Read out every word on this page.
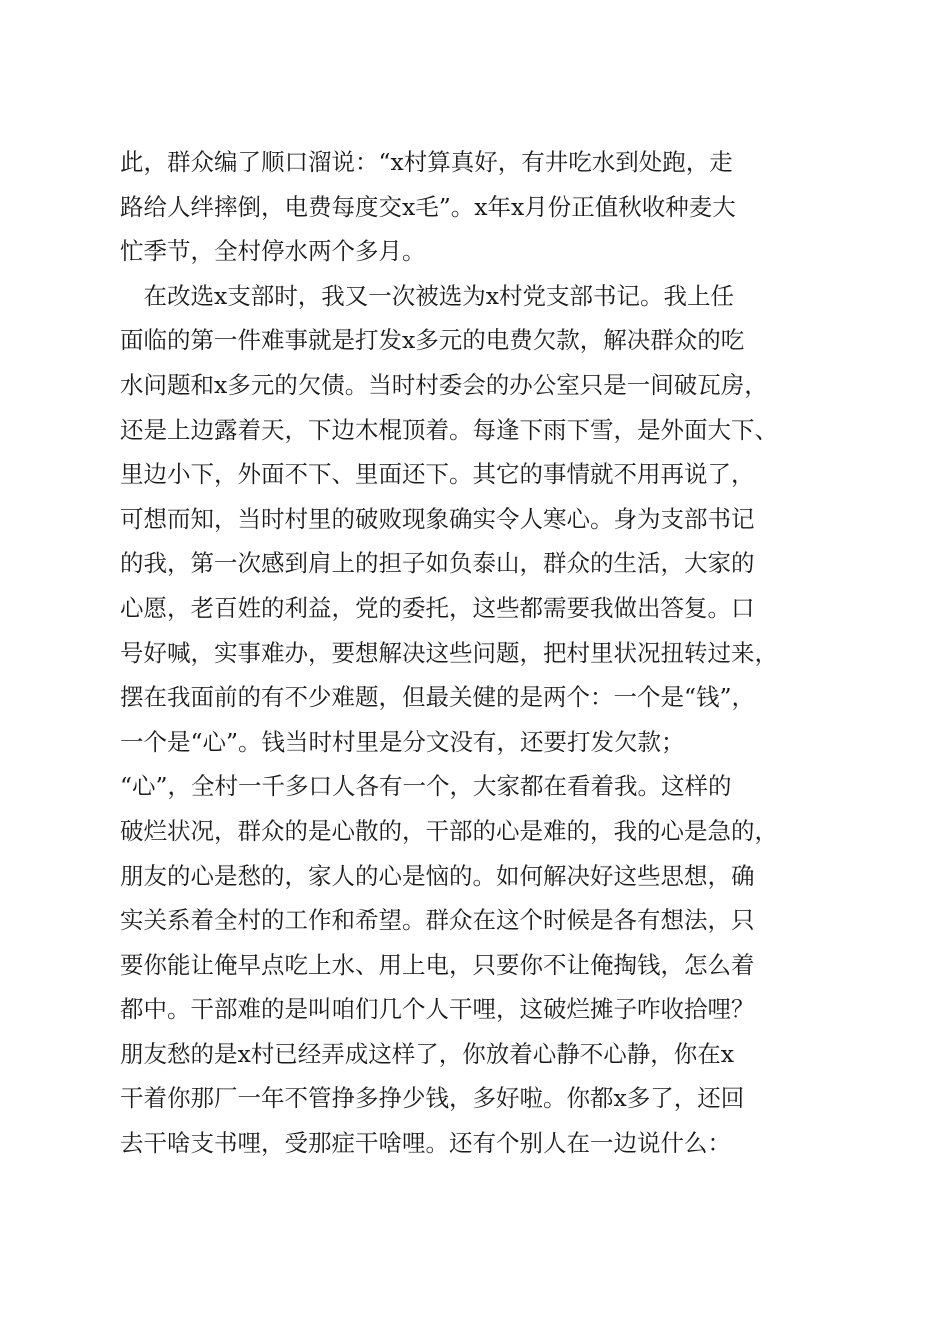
此，群众编了顺口溜说：“x村算真好，有井吃水到处跑，走
路给人绊摔倒，电费每度交x毛”。x年x月份正值秋收种麦大
忙季节，全村停水两个多月。
　在改选x支部时，我又一次被选为x村党支部书记。我上任
面临的第一件难事就是打发x多元的电费欠款，解决群众的吃
水问题和x多元的欠债。当时村委会的办公室只是一间破瓦房，
还是上边露着天，下边木棍顶着。每逢下雨下雪，是外面大下、
里边小下，外面不下、里面还下。其它的事情就不用再说了，
可想而知，当时村里的破败现象确实令人寒心。身为支部书记
的我，第一次感到肩上的担子如负泰山，群众的生活，大家的
心愿，老百姓的利益，党的委托，这些都需要我做出答复。口
号好喊，实事难办，要想解决这些问题，把村里状况扭转过来，
摆在我面前的有不少难题，但最关健的是两个：一个是“钱”，
一个是“心”。钱当时村里是分文没有，还要打发欠款；
“心”，全村一千多口人各有一个，大家都在看着我。这样的
破烂状况，群众的是心散的，干部的心是难的，我的心是急的，
朋友的心是愁的，家人的心是恼的。如何解决好这些思想，确
实关系着全村的工作和希望。群众在这个时候是各有想法，只
要你能让俺早点吃上水、用上电，只要你不让俺掏钱，怎么着
都中。干部难的是叫咱们几个人干哩，这破烂摊子咋收拾哩？
朋友愁的是x村已经弄成这样了，你放着心静不心静，你在x
干着你那厂一年不管挣多挣少钱，多好啦。你都x多了，还回
去干啥支书哩，受那症干啥哩。还有个别人在一边说什么：
